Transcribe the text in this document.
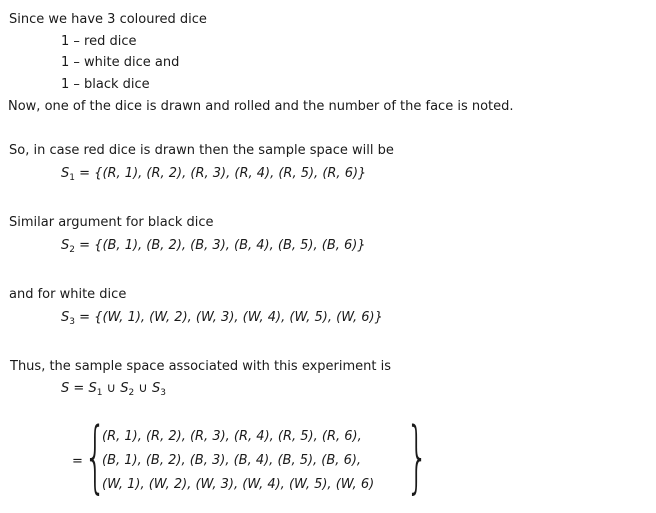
Since we have 3 coloured dice
1 – red dice
1 – white dice and
1 – black dice
Now, one of the dice is drawn and rolled and the number of the face is noted.
So, in case red dice is drawn then the sample space will be
$S_1 = \{(R$, 1), (R, 2), (R, 3), (R, 4), (R, 5), (R, 6)}
Similar argument for black dice
$S_2 = \{(B$, 1), (B, 2), (B, 3), (B, 4), (B, 5), (B, 6)}
and for white dice
$S_3 = \{(W$, 1), (W, 2), (W, 3), (W, 4), (W, 5), (W, 6)}
Thus, the sample space associated with this experiment is
$S = S_1$ ∪ $S_2$ ∪ $S_3$
= {
(R, 1), (R, 2), (R, 3), (R, 4), (R, 5), (R, 6),
(B, 1), (B, 2), (B, 3), (B, 4), (B, 5), (B, 6),
(W, 1), (W, 2), (W, 3), (W, 4), (W, 5), (W, 6) }
